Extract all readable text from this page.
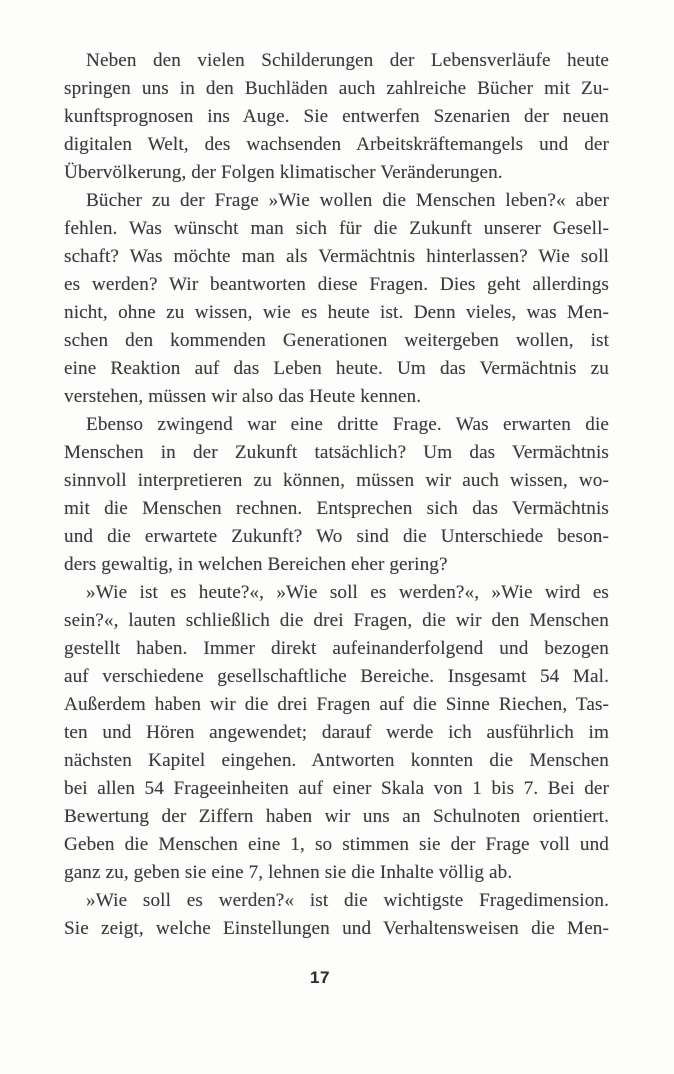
Neben den vielen Schilderungen der Lebensverläufe heute
springen uns in den Buchläden auch zahlreiche Bücher mit Zu-
kunftsprognosen ins Auge. Sie entwerfen Szenarien der neuen
digitalen Welt, des wachsenden Arbeitskräftemangels und der
Übervölkerung, der Folgen klimatischer Veränderungen.
Bücher zu der Frage »Wie wollen die Menschen leben?« aber
fehlen. Was wünscht man sich für die Zukunft unserer Gesell-
schaft? Was möchte man als Vermächtnis hinterlassen? Wie soll
es werden? Wir beantworten diese Fragen. Dies geht allerdings
nicht, ohne zu wissen, wie es heute ist. Denn vieles, was Men-
schen den kommenden Generationen weitergeben wollen, ist
eine Reaktion auf das Leben heute. Um das Vermächtnis zu
verstehen, müssen wir also das Heute kennen.
Ebenso zwingend war eine dritte Frage. Was erwarten die
Menschen in der Zukunft tatsächlich? Um das Vermächtnis
sinnvoll interpretieren zu können, müssen wir auch wissen, wo-
mit die Menschen rechnen. Entsprechen sich das Vermächtnis
und die erwartete Zukunft? Wo sind die Unterschiede beson-
ders gewaltig, in welchen Bereichen eher gering?
»Wie ist es heute?«, »Wie soll es werden?«, »Wie wird es
sein?«, lauten schließlich die drei Fragen, die wir den Menschen
gestellt haben. Immer direkt aufeinanderfolgend und bezogen
auf verschiedene gesellschaftliche Bereiche. Insgesamt 54 Mal.
Außerdem haben wir die drei Fragen auf die Sinne Riechen, Tas-
ten und Hören angewendet; darauf werde ich ausführlich im
nächsten Kapitel eingehen. Antworten konnten die Menschen
bei allen 54 Frageeinheiten auf einer Skala von 1 bis 7. Bei der
Bewertung der Ziffern haben wir uns an Schulnoten orientiert.
Geben die Menschen eine 1, so stimmen sie der Frage voll und
ganz zu, geben sie eine 7, lehnen sie die Inhalte völlig ab.
»Wie soll es werden?« ist die wichtigste Fragedimension.
Sie zeigt, welche Einstellungen und Verhaltensweisen die Men-
17
